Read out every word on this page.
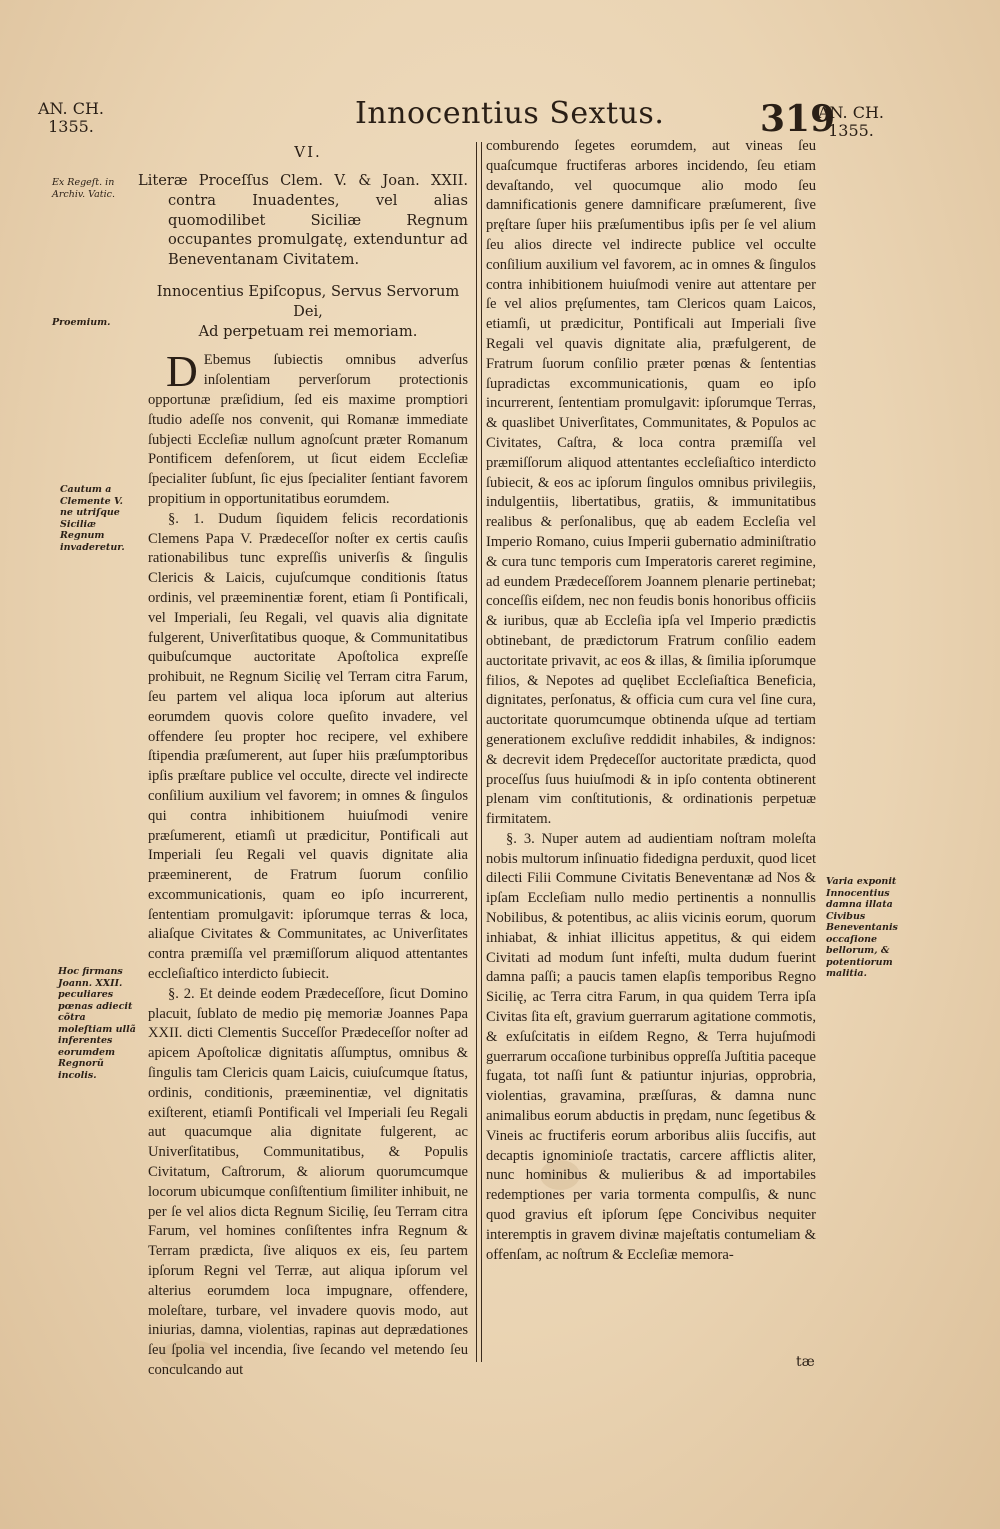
AN. CH.
1355.	Innocentius Sextus.	319
AN. CH.
1355.
Ex Regeſt. in Archiv. Vatic.
Proemium.
Cautum a Clemente V. ne utriſque Siciliæ Regnum invaderetur.
Hoc firmans Joann. XXII. peculiares pœnas adiecit cõtra moleſtiam ullã inferentes eorumdem Regnorũ incolis.
Varia exponit Innocentius damna illata Civibus Beneventanis occaſione bellorum, & potentiorum malitia.
VI.

Literæ Proceſſus Clem. V. & Joan. XXII. contra Inuadentes, vel alias quomodilibet Siciliæ Regnum occupantes promulgatę, extenduntur ad Beneventanam Civitatem.

Innocentius Epiſcopus, Servus Servorum Dei,
Ad perpetuam rei memoriam.

D Ebemus ſubiectis omnibus adverſus inſolentiam perverſorum protectionis opportunæ præſidium, ſed eis maxime promptiori ſtudio adeſſe nos convenit, qui Romanæ immediate ſubjecti Eccleſiæ nullum agnoſcunt præter Romanum Pontificem defenſorem, ut ſicut eidem Eccleſiæ ſpecialiter ſubſunt, ſic ejus ſpecialiter ſentiant favorem propitium in opportunitatibus eorumdem.

§. 1. Dudum ſiquidem felicis recordationis Clemens Papa V. Prædeceſſor noſter ex certis cauſis rationabilibus tunc expreſſis univerſis & ſingulis Clericis & Laicis, cujuſcumque conditionis ſtatus ordinis, vel præeminentiæ forent, etiam ſi Pontificali, vel Imperiali, ſeu Regali, vel quavis alia dignitate fulgerent, Univerſitatibus quoque, & Communitatibus quibuſcumque auctoritate Apoſtolica expreſſe prohibuit, ne Regnum Sicilię vel Terram citra Farum, ſeu partem vel aliqua loca ipſorum aut alterius eorumdem quovis colore queſito invadere, vel offendere ſeu propter hoc recipere, vel exhibere ſtipendia præſumerent, aut ſuper hiis præſumptoribus ipſis præſtare publice vel occulte, directe vel indirecte conſilium auxilium vel favorem; in omnes & ſingulos qui contra inhibitionem huiuſmodi venire præſumerent, etiamſi ut prædicitur, Pontificali aut Imperiali ſeu Regali vel quavis dignitate alia præeminerent, de Fratrum ſuorum conſilio excommunicationis, quam eo ipſo incurrerent, ſententiam promulgavit: ipſorumque terras & loca, aliaſque Civitates & Communitates, ac Univerſitates contra præmiſſa vel præmiſſorum aliquod attentantes eccleſiaſtico interdicto ſubiecit.

§. 2. Et deinde eodem Prædeceſſore, ſicut Domino placuit, ſublato de medio pię memoriæ Joannes Papa XXII. dicti Clementis Succeſſor Prædeceſſor noſter ad apicem Apoſtolicæ dignitatis aſſumptus, omnibus & ſingulis tam Clericis quam Laicis, cuiuſcumque ſtatus, ordinis, conditionis, præeminentiæ, vel dignitatis exiſterent, etiamſi Pontificali vel Imperiali ſeu Regali aut quacumque alia dignitate fulgerent, ac Univerſitatibus, Communitatibus, & Populis Civitatum, Caſtrorum, & aliorum quorumcumque locorum ubicumque conſiſtentium ſimiliter inhibuit, ne per ſe vel alios dicta Regnum Sicilię, ſeu Terram citra Farum, vel homines conſiſtentes infra Regnum & Terram prædicta, ſive aliquos ex eis, ſeu partem ipſorum Regni vel Terræ, aut aliqua ipſorum vel alterius eorumdem loca impugnare, offendere, moleſtare, turbare, vel invadere quovis modo, aut iniurias, damna, violentias, rapinas aut deprædationes ſeu ſpolia vel incendia, ſive ſecando vel metendo ſeu conculcando aut

comburendo ſegetes eorumdem, aut vineas ſeu quaſcumque fructiferas arbores incidendo, ſeu etiam devaſtando, vel quocumque alio modo ſeu damnificationis genere damnificare præſumerent, ſive pręſtare ſuper hiis præſumentibus ipſis per ſe vel alium ſeu alios directe vel indirecte publice vel occulte conſilium auxilium vel favorem, ac in omnes & ſingulos contra inhibitionem huiuſmodi venire aut attentare per ſe vel alios pręſumentes, tam Clericos quam Laicos, etiamſi, ut prædicitur, Pontificali aut Imperiali ſive Regali vel quavis dignitate alia, præfulgerent, de Fratrum ſuorum conſilio præter pœnas & ſententias ſupradictas excommunicationis, quam eo ipſo incurrerent, ſententiam promulgavit: ipſorumque Terras, & quaslibet Univerſitates, Communitates, & Populos ac Civitates, Caſtra, & loca contra præmiſſa vel præmiſſorum aliquod attentantes eccleſiaſtico interdicto ſubiecit, & eos ac ipſorum ſingulos omnibus privilegiis, indulgentiis, libertatibus, gratiis, & immunitatibus realibus & perſonalibus, quę ab eadem Eccleſia vel Imperio Romano, cuius Imperii gubernatio adminiſtratio & cura tunc temporis cum Imperatoris careret regimine, ad eundem Prædeceſſorem Joannem plenarie pertinebat; conceſſis eiſdem, nec non feudis bonis honoribus officiis & iuribus, quæ ab Eccleſia ipſa vel Imperio prædictis obtinebant, de prædictorum Fratrum conſilio eadem auctoritate privavit, ac eos & illas, & ſimilia ipſorumque filios, & Nepotes ad quęlibet Eccleſiaſtica Beneficia, dignitates, perſonatus, & officia cum cura vel ſine cura, auctoritate quorumcumque obtinenda uſque ad tertiam generationem excluſive reddidit inhabiles, & indignos: & decrevit idem Prędeceſſor auctoritate prædicta, quod proceſſus ſuus huiuſmodi & in ipſo contenta obtinerent plenam vim conſtitutionis, & ordinationis perpetuæ firmitatem.

§. 3. Nuper autem ad audientiam noſtram moleſta nobis multorum inſinuatio fidedigna perduxit, quod licet dilecti Filii Commune Civitatis Beneventanæ ad Nos & ipſam Eccleſiam nullo medio pertinentis a nonnullis Nobilibus, & potentibus, ac aliis vicinis eorum, quorum inhiabat, & inhiat illicitus appetitus, & qui eidem Civitati ad modum ſunt infeſti, multa dudum fuerint damna paſſi; a paucis tamen elapſis temporibus Regno Sicilię, ac Terra citra Farum, in qua quidem Terra ipſa Civitas ſita eſt, gravium guerrarum agitatione commotis, & exſuſcitatis in eiſdem Regno, & Terra hujuſmodi guerrarum occaſione turbinibus oppreſſa Juſtitia paceque fugata, tot naſſi ſunt & patiuntur injurias, opprobria, violentias, gravamina, præſſuras, & damna nunc animalibus eorum abductis in prędam, nunc ſegetibus & Vineis ac fructiferis eorum arboribus aliis ſuccifis, aut decaptis ignominioſe tractatis, carcere afflictis aliter, nunc hominibus & mulieribus & ad importabiles redemptiones per varia tormenta compulſis, & nunc quod gravius eſt ipſorum ſępe Concivibus nequiter interemptis in gravem divinæ majeſtatis contumeliam & offenſam, ac noſtrum & Eccleſiæ memora-

tæ
